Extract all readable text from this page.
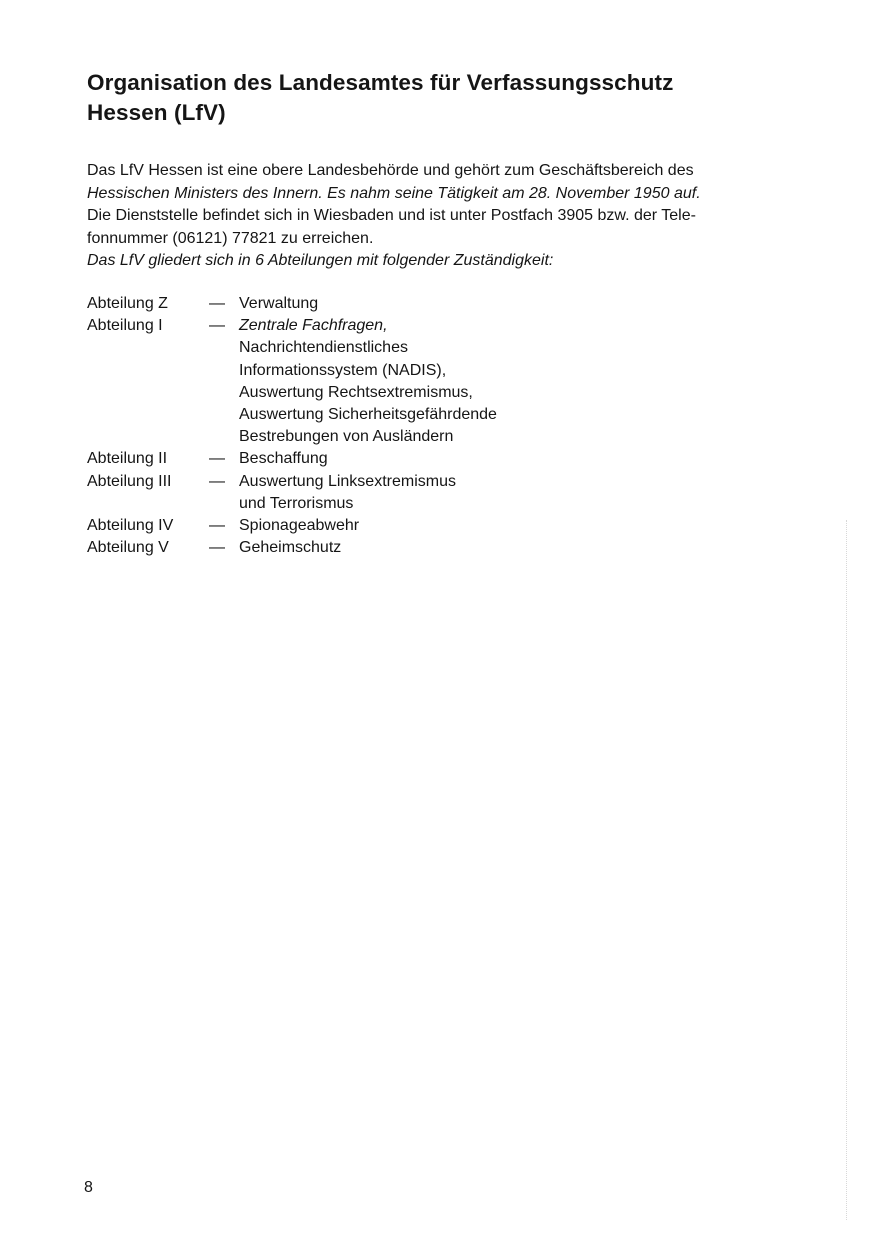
Organisation des Landesamtes für Verfassungsschutz
Hessen (LfV)

Das LfV Hessen ist eine obere Landesbehörde und gehört zum Geschäftsbereich des
Hessischen Ministers des Innern. Es nahm seine Tätigkeit am 28. November 1950 auf.
Die Dienststelle befindet sich in Wiesbaden und ist unter Postfach 3905 bzw. der Tele-
fonnummer (06121) 77821 zu erreichen.
Das LfV gliedert sich in 6 Abteilungen mit folgender Zuständigkeit:

Abteilung Z	— Verwaltung
Abteilung I	— Zentrale Fachfragen,
Nachrichtendienstliches
Informationssystem (NADIS),
Auswertung Rechtsextremismus,
Auswertung Sicherheitsgefährdende
Bestrebungen von Ausländern
Abteilung II	— Beschaffung
Abteilung III	— Auswertung Linksextremismus
und Terrorismus
Abteilung IV	— Spionageabwehr
Abteilung V	— Geheimschutz
8
